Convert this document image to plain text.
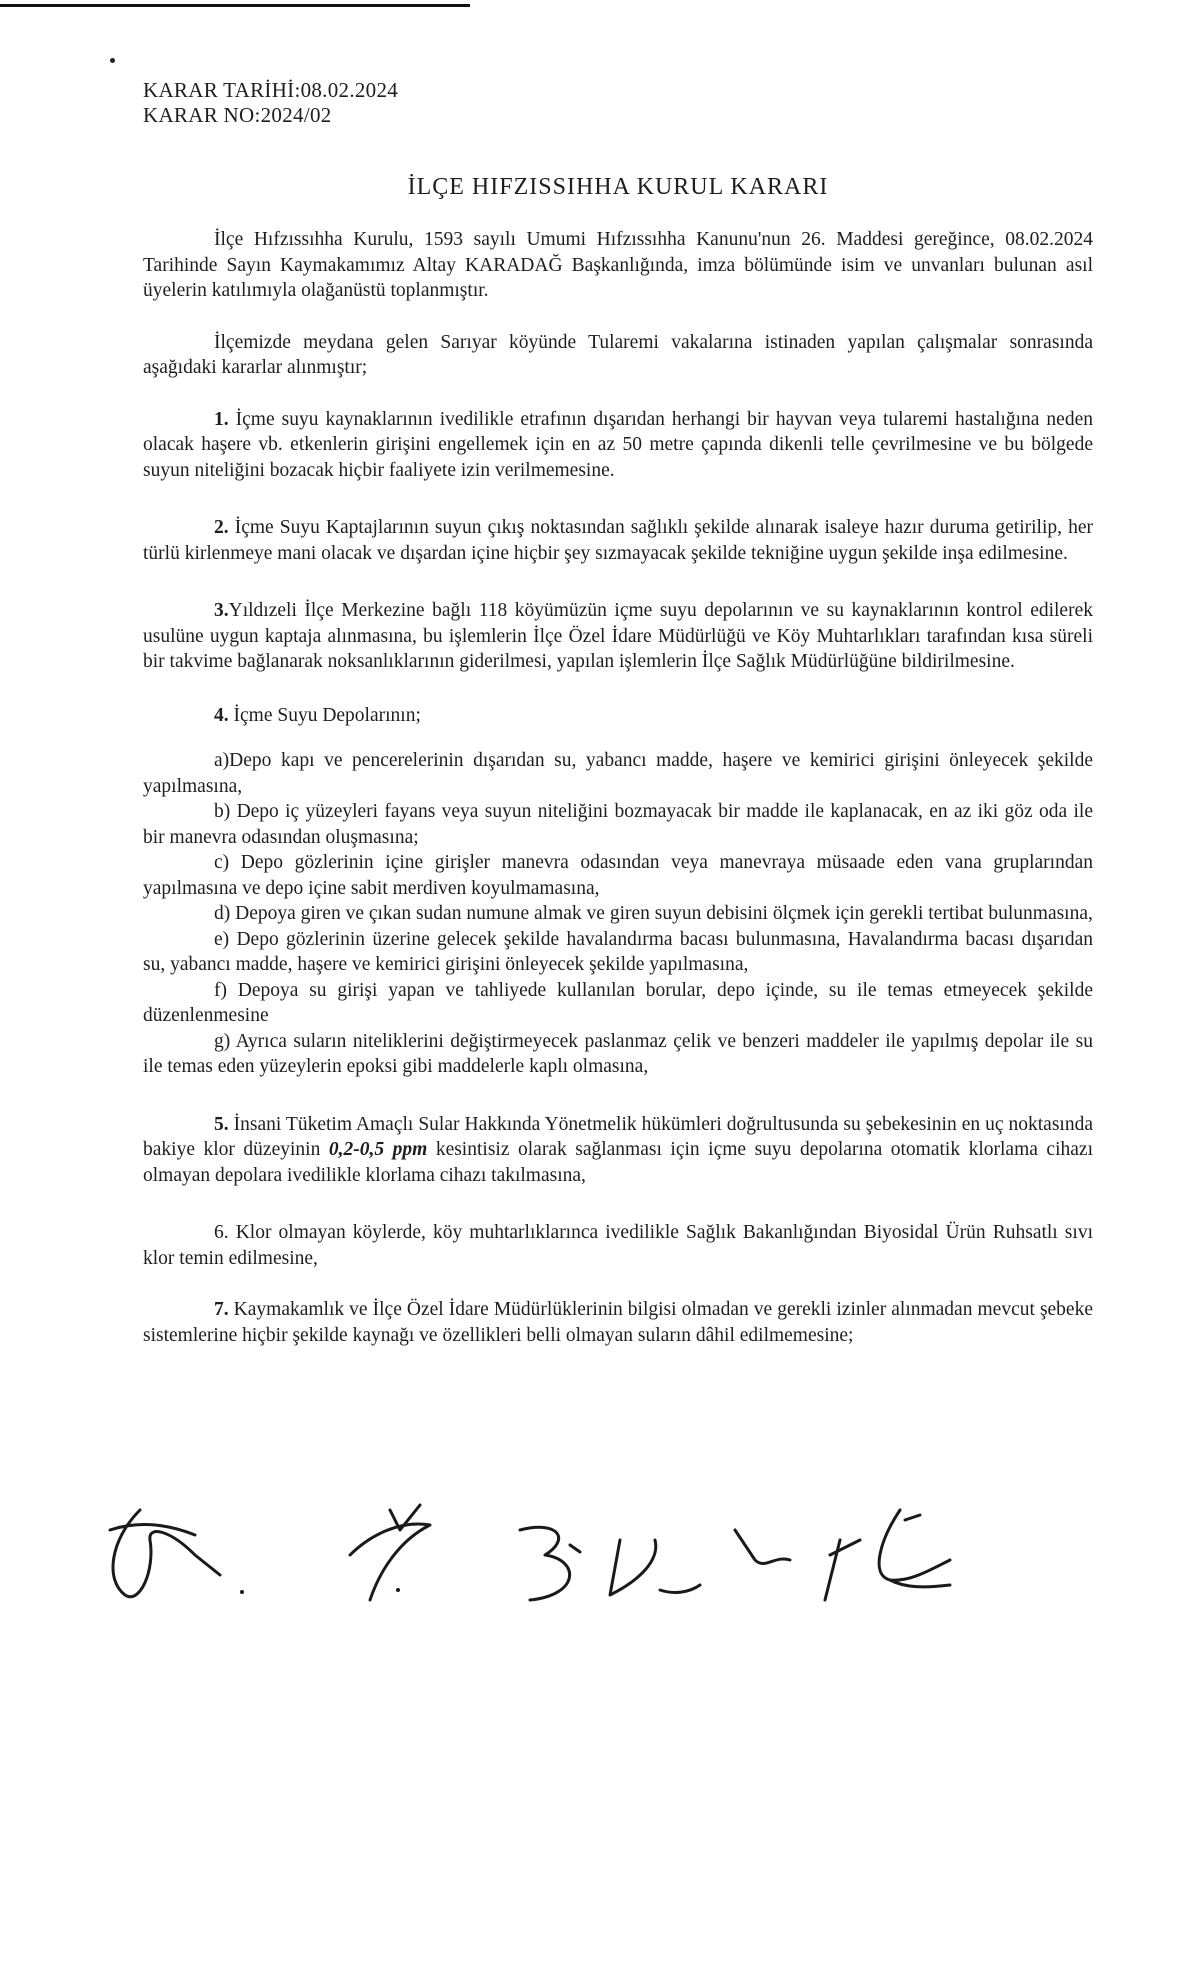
KARAR TARİHİ:08.02.2024
KARAR NO:2024/02
İLÇE HIFZISSIHHA KURUL KARARI

İlçe Hıfzıssıhha Kurulu, 1593 sayılı Umumi Hıfzıssıhha Kanunu'nun 26. Maddesi gereğince, 08.02.2024 Tarihinde Sayın Kaymakamımız Altay KARADAĞ Başkanlığında, imza bölümünde isim ve unvanları bulunan asıl üyelerin katılımıyla olağanüstü toplanmıştır.

İlçemizde meydana gelen Sarıyar köyünde Tularemi vakalarına istinaden yapılan çalışmalar sonrasında aşağıdaki kararlar alınmıştır;

1. İçme suyu kaynaklarının ivedilikle etrafının dışarıdan herhangi bir hayvan veya tularemi hastalığına neden olacak haşere vb. etkenlerin girişini engellemek için en az 50 metre çapında dikenli telle çevrilmesine ve bu bölgede suyun niteliğini bozacak hiçbir faaliyete izin verilmemesine.

2. İçme Suyu Kaptajlarının suyun çıkış noktasından sağlıklı şekilde alınarak isaleye hazır duruma getirilip, her türlü kirlenmeye mani olacak ve dışardan içine hiçbir şey sızmayacak şekilde tekniğine uygun şekilde inşa edilmesine.

3.Yıldızeli İlçe Merkezine bağlı 118 köyümüzün içme suyu depolarının ve su kaynaklarının kontrol edilerek usulüne uygun kaptaja alınmasına, bu işlemlerin İlçe Özel İdare Müdürlüğü ve Köy Muhtarlıkları tarafından kısa süreli bir takvime bağlanarak noksanlıklarının giderilmesi, yapılan işlemlerin İlçe Sağlık Müdürlüğüne bildirilmesine.

4. İçme Suyu Depolarının;

a)Depo kapı ve pencerelerinin dışarıdan su, yabancı madde, haşere ve kemirici girişini önleyecek şekilde yapılmasına,

b) Depo iç yüzeyleri fayans veya suyun niteliğini bozmayacak bir madde ile kaplanacak, en az iki göz oda ile bir manevra odasından oluşmasına;

c) Depo gözlerinin içine girişler manevra odasından veya manevraya müsaade eden vana gruplarından yapılmasına ve depo içine sabit merdiven koyulmamasına,

d) Depoya giren ve çıkan sudan numune almak ve giren suyun debisini ölçmek için gerekli tertibat bulunmasına,

e) Depo gözlerinin üzerine gelecek şekilde havalandırma bacası bulunmasına, Havalandırma bacası dışarıdan su, yabancı madde, haşere ve kemirici girişini önleyecek şekilde yapılmasına,

f) Depoya su girişi yapan ve tahliyede kullanılan borular, depo içinde, su ile temas etmeyecek şekilde düzenlenmesine

g) Ayrıca suların niteliklerini değiştirmeyecek paslanmaz çelik ve benzeri maddeler ile yapılmış depolar ile su ile temas eden yüzeylerin epoksi gibi maddelerle kaplı olmasına,

5. İnsani Tüketim Amaçlı Sular Hakkında Yönetmelik hükümleri doğrultusunda su şebekesinin en uç noktasında bakiye klor düzeyinin 0,2-0,5 ppm kesintisiz olarak sağlanması için içme suyu depolarına otomatik klorlama cihazı olmayan depolara ivedilikle klorlama cihazı takılmasına,

6. Klor olmayan köylerde, köy muhtarlıklarınca ivedilikle Sağlık Bakanlığından Biyosidal Ürün Ruhsatlı sıvı klor temin edilmesine,

7. Kaymakamlık ve İlçe Özel İdare Müdürlüklerinin bilgisi olmadan ve gerekli izinler alınmadan mevcut şebeke sistemlerine hiçbir şekilde kaynağı ve özellikleri belli olmayan suların dâhil edilmemesine;
